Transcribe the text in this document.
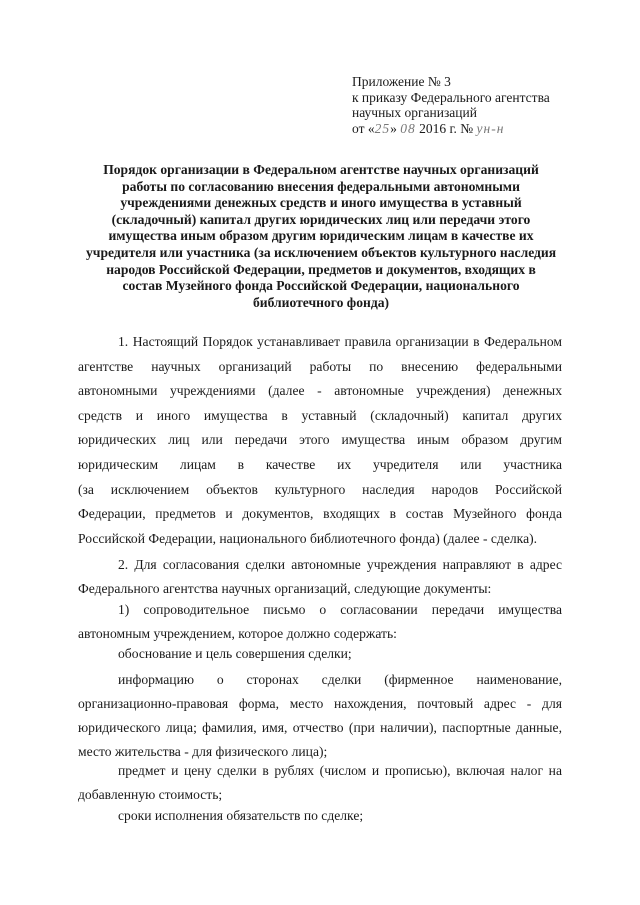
Приложение № 3
к приказу Федерального агентства
научных организаций
от «25» 08 2016 г. № ун-н
Порядок организации в Федеральном агентстве научных организаций
работы по согласованию внесения федеральными автономными
учреждениями денежных средств и иного имущества в уставный
(складочный) капитал других юридических лиц или передачи этого
имущества иным образом другим юридическим лицам в качестве их
учредителя или участника (за исключением объектов культурного наследия
народов Российской Федерации, предметов и документов, входящих в
состав Музейного фонда Российской Федерации, национального
библиотечного фонда)
1. Настоящий Порядок устанавливает правила организации в Федеральном
агентстве научных организаций работы по внесению федеральными
автономными учреждениями (далее - автономные учреждения) денежных
средств и иного имущества в уставный (складочный) капитал других
юридических лиц или передачи этого имущества иным образом другим
юридическим лицам в качестве их учредителя или участника
(за исключением объектов культурного наследия народов Российской
Федерации, предметов и документов, входящих в состав Музейного фонда
Российской Федерации, национального библиотечного фонда) (далее - сделка).
2. Для согласования сделки автономные учреждения направляют в адрес
Федерального агентства научных организаций, следующие документы:
1) сопроводительное письмо о согласовании передачи имущества
автономным учреждением, которое должно содержать:
обоснование и цель совершения сделки;
информацию о сторонах сделки (фирменное наименование,
организационно-правовая форма, место нахождения, почтовый адрес - для
юридического лица; фамилия, имя, отчество (при наличии), паспортные данные,
место жительства - для физического лица);
предмет и цену сделки в рублях (числом и прописью), включая налог на
добавленную стоимость;
сроки исполнения обязательств по сделке;
